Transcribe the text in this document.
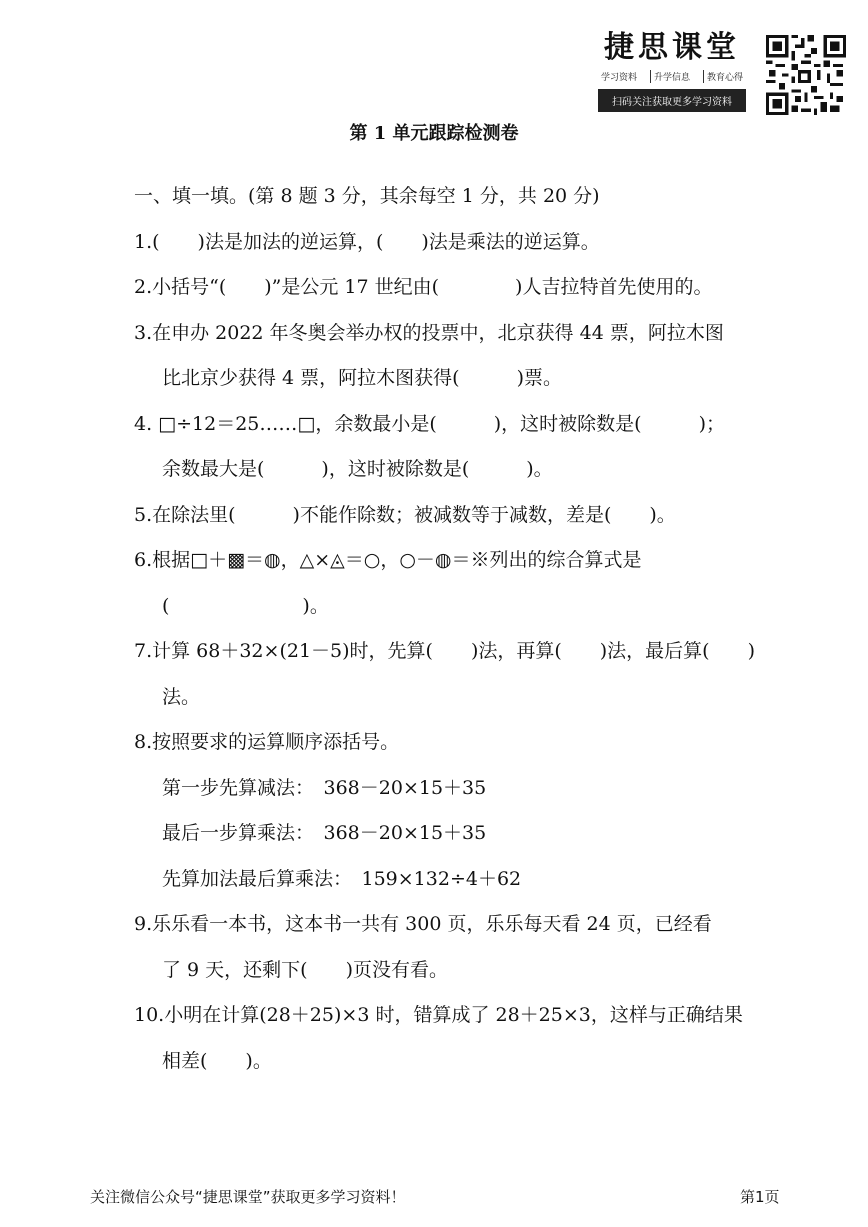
捷思课堂
学习资料	升学信息	教育心得
扫码关注获取更多学习资料
第 1 单元跟踪检测卷
一、填一填。(第 8 题 3 分，其余每空 1 分，共 20 分)
1.(　　)法是加法的逆运算，(　　)法是乘法的逆运算。
2.小括号“(　　)”是公元 17 世纪由(　　　　)人吉拉特首先使用的。
3.在申办 2022 年冬奥会举办权的投票中，北京获得 44 票，阿拉木图
比北京少获得 4 票，阿拉木图获得(　　　)票。
4. □÷12＝25……□，余数最小是(　　　)，这时被除数是(　　　)；
余数最大是(　　　)，这时被除数是(　　　)。
5.在除法里(　　　)不能作除数；被减数等于减数，差是(　　)。
6.根据□＋▩＝◍，△×◬＝○，○－◍＝※列出的综合算式是
(　　　　　　　)。
7.计算 68＋32×(21－5)时，先算(　　)法，再算(　　)法，最后算(　　)
法。
8.按照要求的运算顺序添括号。
第一步先算减法：　368－20×15＋35
最后一步算乘法：　368－20×15＋35
先算加法最后算乘法：　159×132÷4＋62
9.乐乐看一本书，这本书一共有 300 页，乐乐每天看 24 页，已经看
了 9 天，还剩下(　　)页没有看。
10.小明在计算(28＋25)×3 时，错算成了 28＋25×3，这样与正确结果
相差(　　)。
关注微信公众号“捷思课堂”获取更多学习资料！	第1页
